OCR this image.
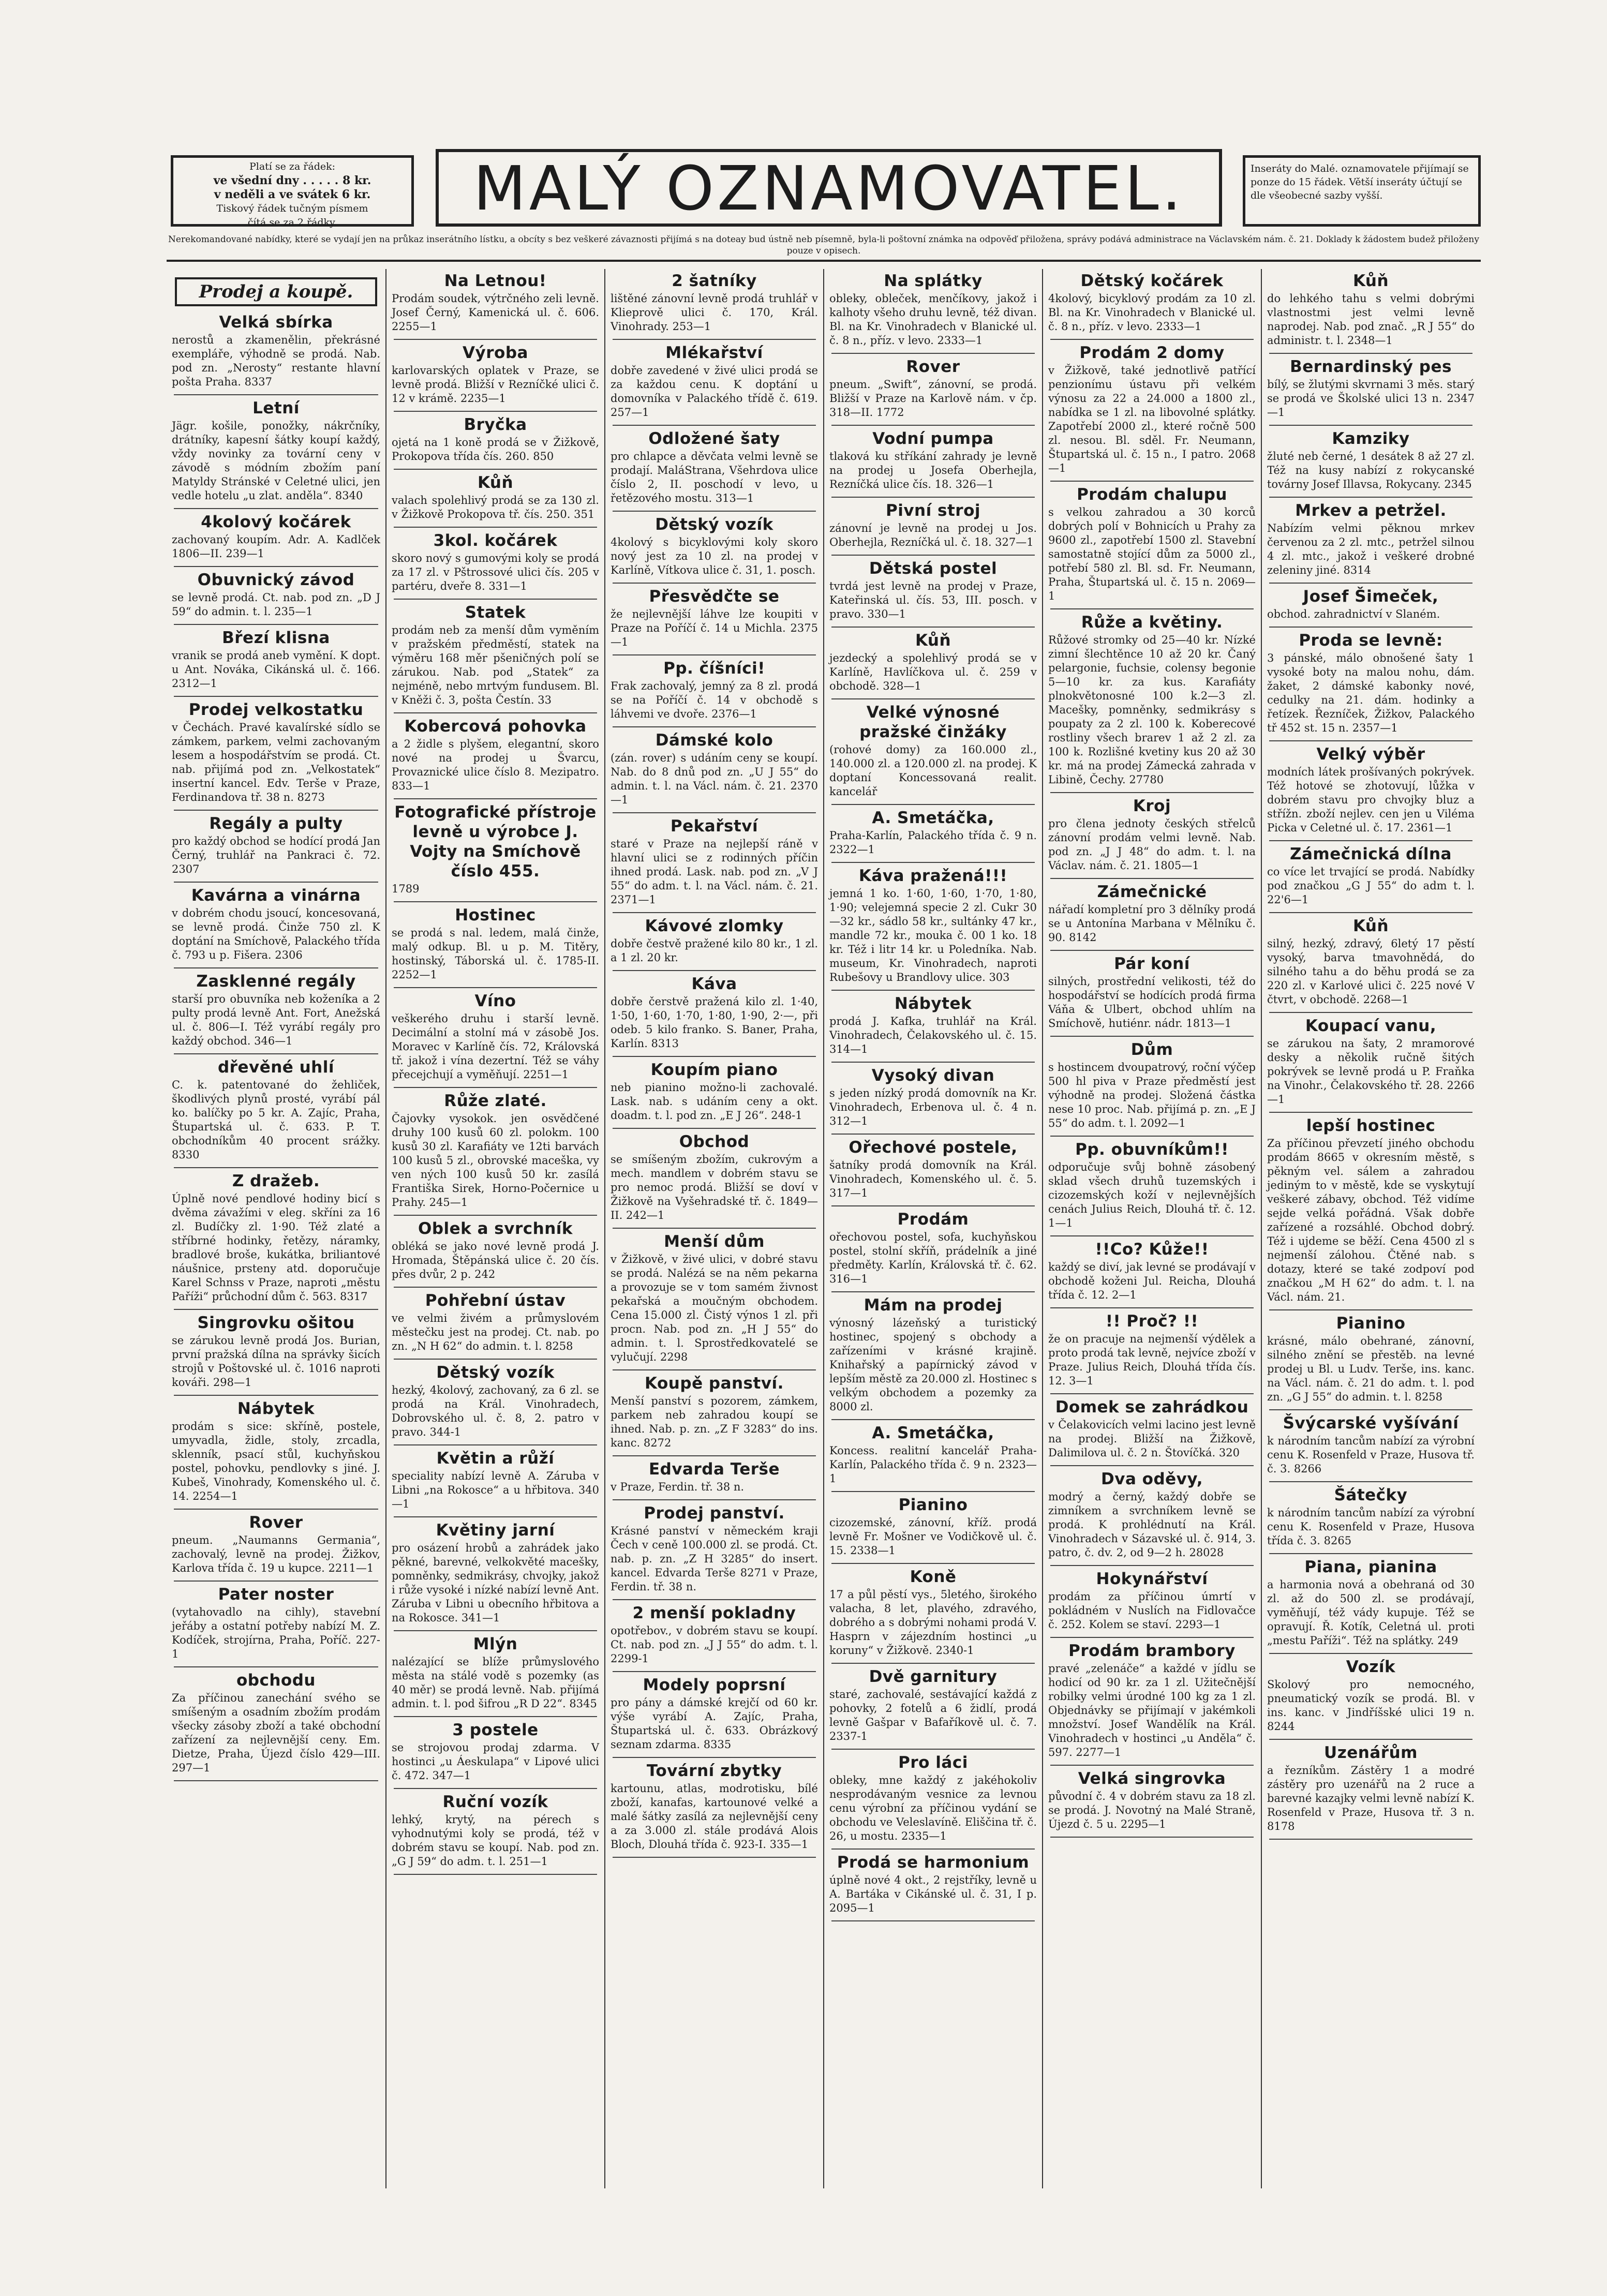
Platí se za řádek:
ve všední dny . . . . . 8 kr.
v neděli a ve svátek 6 kr.
Tiskový řádek tučným písmem
čítá se za 2 řádky.	MALÝ OZNAMOVATEL.	Inseráty do Malé. oznamovatele přijímají se ponze do 15 řádek. Větší inseráty účtují se dle všeobecné sazby vyšší.
Nerekomandované nabídky, které se vydají jen na průkaz inserátního lístku, a obcíty s bez veškeré závaznosti přijímá s na doteay bud ústně neb písemně, byla-li poštovní známka na odpověď přiložena, správy podává administrace na Václavském nám. č. 21. Doklady k žádostem budež přiloženy pouze v opisech.
Prodej a koupě.
Velká sbírka
nerostů a zkamenělin, překrásné exempláře, výhodně se prodá. Nab. pod zn. „Nerosty“ restante hlavní pošta Praha. 8337
Letní
Jägr. košile, ponožky, nákrčníky, drátníky, kapesní šátky koupí každý, vždy novinky za tovární ceny v závodě s módním zbožím paní Matyldy Stránské v Celetné ulici, jen vedle hotelu „u zlat. anděla“. 8340
4kolový kočárek
zachovaný koupím. Adr. A. Kadlček 1806—II. 239—1
Obuvnický závod
se levně prodá. Ct. nab. pod zn. „D J 59“ do admin. t. l. 235—1
Březí klisna
vranik se prodá aneb vymění. K dopt. u Ant. Nováka, Cikánská ul. č. 166. 2312—1
Prodej velkostatku
v Čechách. Pravé kavalírské sídlo se zámkem, parkem, velmi zachovaným lesem a hospodářstvím se prodá. Ct. nab. přijímá pod zn. „Velkostatek“ insertní kancel. Edv. Terše v Praze, Ferdinandova tř. 38 n. 8273
Regály a pulty
pro každý obchod se hodící prodá Jan Černý, truhlář na Pankraci č. 72. 2307
Kavárna a vinárna
v dobrém chodu jsoucí, koncesovaná, se levně prodá. Činže 750 zl. K doptání na Smíchově, Palackého třída č. 793 u p. Fišera. 2306
Zasklenné regály
starší pro obuvníka neb koženíka a 2 pulty prodá levně Ant. Fort, Anežská ul. č. 806—I. Též vyrábí regály pro každý obchod. 346—1
dřevěné uhlí
C. k. patentované do žehliček, škodlivých plynů prosté, vyrábí pál ko. balíčky po 5 kr. A. Zajíc, Praha, Štupartská ul. č. 633. P. T. obchodníkům 40 procent srážky. 8330
Z dražeb.
Úplně nové pendlové hodiny bicí s dvěma závažími v eleg. skříni za 16 zl. Budíčky zl. 1·90. Též zlaté a stříbrné hodinky, řetězy, náramky, bradlové broše, kukátka, briliantové náušnice, prsteny atd. doporučuje Karel Schnss v Praze, naproti „městu Paříži“ průchodní dům č. 563. 8317
Singrovku ošitou
se zárukou levně prodá Jos. Burian, první pražská dílna na správky šicích strojů v Poštovské ul. č. 1016 naproti kováři. 298—1
Nábytek
prodám s sice: skříně, postele, umyvadla, židle, stoly, zrcadla, sklenník, psací stůl, kuchyňskou postel, pohovku, pendlovky s jiné. J. Kubeš, Vinohrady, Komenského ul. č. 14. 2254—1
Rover
pneum. „Naumanns Germania“, zachovalý, levně na prodej. Žižkov, Karlova třída č. 19 u kupce. 2211—1
Pater noster
(vytahovadlo na cihly), stavební jeřáby a ostatní potřeby nabízí M. Z. Kodíček, strojírna, Praha, Poříč. 227-1
obchodu
Za příčinou zanechání svého se smíšeným a osadním zbožím prodám všecky zásoby zboží a také obchodní zařízení za nejlevnější ceny. Em. Dietze, Praha, Újezd číslo 429—III. 297—1
Na Letnou!
Prodám soudek, výtrčného zeli levně. Josef Černý, Kamenická ul. č. 606. 2255—1
Výroba
karlovarských oplatek v Praze, se levně prodá. Bližší v Rezníčké ulici č. 12 v krámě. 2235—1
Bryčka
ojetá na 1 koně prodá se v Žižkově, Prokopova třída čís. 260. 850
Kůň
valach spolehlivý prodá se za 130 zl. v Žižkově Prokopova tř. čís. 250. 351
3kol. kočárek
skoro nový s gumovými koly se prodá za 17 zl. v Pštrossové ulici čís. 205 v partéru, dveře 8. 331—1
Statek
prodám neb za menší dům vyměním v pražském předměstí, statek na výměru 168 měr pšeničných polí se zárukou. Nab. pod „Statek“ za nejméně, nebo mrtvým fundusem. Bl. v Kněži č. 3, pošta Čestín. 33
Kobercová pohovka
a 2 židle s plyšem, elegantní, skoro nové na prodej u Švarcu, Provaznické ulice číslo 8. Mezipatro. 833—1
Fotografické přístroje levně u výrobce J. Vojty na Smíchově číslo 455.
1789
Hostinec
se prodá s nal. ledem, malá činže, malý odkup. Bl. u p. M. Titěry, hostinský, Táborská ul. č. 1785-II. 2252—1
Víno
veškerého druhu i starší levně. Decimální a stolní má v zásobě Jos. Moravec v Karlíně čís. 72, Královská tř. jakož i vína dezertní. Též se váhy přecejchují a vyměňují. 2251—1
Růže zlaté.
Čajovky vysokok. jen osvědčené druhy 100 kusů 60 zl. polokm. 100 kusů 30 zl. Karafiáty ve 12ti barvách 100 kusů 5 zl., obrovské maceška, vy ven ných 100 kusů 50 kr. zasílá Františka Sirek, Horno-Počernice u Prahy. 245—1
Oblek a svrchník
obléká se jako nové levně prodá J. Hromada, Štěpánská ulice č. 20 čís. přes dvůr, 2 p. 242
Pohřební ústav
ve velmi živém a průmyslovém městečku jest na prodej. Ct. nab. po zn. „N H 62“ do admin. t. l. 8258
Dětský vozík
hezký, 4kolový, zachovaný, za 6 zl. se prodá na Král. Vinohradech, Dobrovského ul. č. 8, 2. patro v pravo. 344-1
Květin a růží
speciality nabízí levně A. Záruba v Libni „na Rokosce“ a u hřbitova. 340—1
Květiny jarní
pro osázení hrobů a zahrádek jako pěkné, barevné, velkokvěté macešky, pomněnky, sedmikrásy, chvojky, jakož i růže vysoké i nízké nabízí levně Ant. Záruba v Libni u obecního hřbitova a na Rokosce. 341—1
Mlýn
nalézající se blíže průmyslového města na stálé vodě s pozemky (as 40 měr) se prodá levně. Nab. přijímá admin. t. l. pod šifrou „R D 22“. 8345
3 postele
se strojovou prodaj zdarma. V hostinci „u Áeskulapa“ v Lipové ulici č. 472. 347—1
Ruční vozík
lehký, krytý, na pérech s vyhodnutými koly se prodá, též v dobrém stavu se koupí. Nab. pod zn. „G J 59“ do adm. t. l. 251—1
2 šatníky
lištěné zánovní levně prodá truhlář v Klieprově ulici č. 170, Král. Vinohrady. 253—1
Mlékařství
dobře zavedené v živé ulici prodá se za každou cenu. K doptání u domovníka v Palackého třídě č. 619. 257—1
Odložené šaty
pro chlapce a děvčata velmi levně se prodají. MaláStrana, Všehrdova ulice číslo 2, II. poschodí v levo, u řetězového mostu. 313—1
Dětský vozík
4kolový s bicyklovými koly skoro nový jest za 10 zl. na prodej v Karlíně, Vítkova ulice č. 31, 1. posch.
Přesvědčte se
že nejlevnější láhve lze koupiti v Praze na Poříčí č. 14 u Michla. 2375—1
Pp. číšníci!
Frak zachovalý, jemný za 8 zl. prodá se na Poříčí č. 14 v obchodě s láhvemi ve dvoře. 2376—1
Dámské kolo
(zán. rover) s udáním ceny se koupí. Nab. do 8 dnů pod zn. „U J 55“ do admin. t. l. na Václ. nám. č. 21. 2370—1
Pekařství
staré v Praze na nejlepší ráně v hlavní ulici se z rodinných příčin ihned prodá. Lask. nab. pod zn. „V J 55“ do adm. t. l. na Václ. nám. č. 21. 2371—1
Kávové zlomky
dobře čestvě pražené kilo 80 kr., 1 zl. a 1 zl. 20 kr.
Káva
dobře čerstvě pražená kilo zl. 1·40, 1·50, 1·60, 1·70, 1·80, 1·90, 2·—, při odeb. 5 kilo franko. S. Baner, Praha, Karlín. 8313
Koupím piano
neb pianino možno-li zachovalé. Lask. nab. s udáním ceny a okt. doadm. t. l. pod zn. „E J 26“. 248-1
Obchod
se smíšeným zbožím, cukrovým a mech. mandlem v dobrém stavu se pro nemoc prodá. Bližší se doví v Žižkově na Vyšehradské tř. č. 1849—II. 242—1
Menší dům
v Žižkově, v živé ulici, v dobré stavu se prodá. Nalézá se na něm pekarna a provozuje se v tom samém živnost pekařská a moučným obchodem. Cena 15.000 zl. Čistý výnos 1 zl. při procn. Nab. pod zn. „H J 55“ do admin. t. l. Sprostředkovatelé se vylučují. 2298
Koupě panství.
Menší panství s pozorem, zámkem, parkem neb zahradou koupí se ihned. Nab. p. zn. „Z F 3283“ do ins. kanc. 8272
Edvarda Terše
v Praze, Ferdin. tř. 38 n.
Prodej panství.
Krásné panství v německém kraji Čech v ceně 100.000 zl. se prodá. Ct. nab. p. zn. „Z H 3285“ do insert. kancel. Edvarda Terše 8271 v Praze, Ferdin. tř. 38 n.
2 menší pokladny
opotřebov., v dobrém stavu se koupí. Ct. nab. pod zn. „J J 55“ do adm. t. l. 2299-1
Modely poprsní
pro pány a dámské krejčí od 60 kr. výše vyrábí A. Zajíc, Praha, Štupartská ul. č. 633. Obrázkový seznam zdarma. 8335
Tovární zbytky
kartounu, atlas, modrotisku, bílé zboží, kanafas, kartounové velké a malé šátky zasílá za nejlevnější ceny a za 3.000 zl. stále prodává Alois Bloch, Dlouhá třída č. 923-I. 335—1
Na splátky
obleky, obleček, menčíkovy, jakož i kalhoty všeho druhu levně, též divan. Bl. na Kr. Vinohradech v Blanické ul. č. 8 n., příz. v levo. 2333—1
Rover
pneum. „Swift“, zánovní, se prodá. Bližší v Praze na Karlově nám. v čp. 318—II. 1772
Vodní pumpa
tlaková ku stříkání zahrady je levně na prodej u Josefa Oberhejla, Rezníčká ulice čís. 18. 326—1
Pivní stroj
zánovní je levně na prodej u Jos. Oberhejla, Rezníčká ul. č. 18. 327—1
Dětská postel
tvrdá jest levně na prodej v Praze, Kateřinská ul. čís. 53, III. posch. v pravo. 330—1
Kůň
jezdecký a spolehlivý prodá se v Karlíně, Havlíčkova ul. č. 259 v obchodě. 328—1
Velké výnosné pražské činžáky
(rohové domy) za 160.000 zl., 140.000 zl. a 120.000 zl. na prodej. K doptaní Koncessovaná realit. kancelář
A. Smetáčka,
Praha-Karlín, Palackého třída č. 9 n. 2322—1
Káva pražená!!!
jemná 1 ko. 1·60, 1·60, 1·70, 1·80, 1·90; velejemná specie 2 zl. Cukr 30—32 kr., sádlo 58 kr., sultánky 47 kr., mandle 72 kr., mouka č. 00 1 ko. 18 kr. Též i litr 14 kr. u Poledníka. Nab. museum, Kr. Vinohradech, naproti Rubešovy u Brandlovy ulice. 303
Nábytek
prodá J. Kafka, truhlář na Král. Vinohradech, Čelakovského ul. č. 15. 314—1
Vysoký divan
s jeden nízký prodá domovník na Kr. Vinohradech, Erbenova ul. č. 4 n. 312—1
Ořechové postele,
šatníky prodá domovník na Král. Vinohradech, Komenského ul. č. 5. 317—1
Prodám
ořechovou postel, sofa, kuchyňskou postel, stolní skříň, prádelník a jiné předměty. Karlín, Královská tř. č. 62. 316—1
Mám na prodej
výnosný lázeňský a turistický hostinec, spojený s obchody a zařízeními v krásné krajině. Knihařský a papírnický závod v lepším městě za 20.000 zl. Hostinec s velkým obchodem a pozemky za 8000 zl.
A. Smetáčka,
Koncess. realitní kancelář Praha-Karlín, Palackého třída č. 9 n. 2323—1
Pianino
cizozemské, zánovní, kříž. prodá levně Fr. Mošner ve Vodičkově ul. č. 15. 2338—1
Koně
17 a půl pěstí vys., 5letého, širokého valacha, 8 let, plavého, zdravého, dobrého a s dobrými nohami prodá V. Hasprn v zájezdním hostinci „u koruny“ v Žižkově. 2340-1
Dvě garnitury
staré, zachovalé, sestávající každá z pohovky, 2 fotelů a 6 židlí, prodá levně Gašpar v Bafaříkově ul. č. 7. 2337-1
Pro láci
obleky, mne každý z jakéhokoliv nesprodávaným vesnice za levnou cenu výrobní za příčinou vydání se obchodu ve Veleslavíně. Eliščina tř. č. 26, u mostu. 2335—1
Prodá se harmonium
úplně nové 4 okt., 2 rejstříky, levně u A. Bartáka v Cikánské ul. č. 31, I p. 2095—1
Dětský kočárek
4kolový, bicyklový prodám za 10 zl. Bl. na Kr. Vinohradech v Blanické ul. č. 8 n., příz. v levo. 2333—1
Prodám 2 domy
v Žižkově, také jednotlivě patřící penzionímu ústavu při velkém výnosu za 22 a 24.000 a 1800 zl., nabídka se 1 zl. na libovolné splátky. Zapotřebí 2000 zl., které ročně 500 zl. nesou. Bl. sděl. Fr. Neumann, Štupartská ul. č. 15 n., I patro. 2068—1
Prodám chalupu
s velkou zahradou a 30 korců dobrých polí v Bohnicích u Prahy za 9600 zl., zapotřebí 1500 zl. Stavební samostatně stojící dům za 5000 zl., potřebí 580 zl. Bl. sd. Fr. Neumann, Praha, Štupartská ul. č. 15 n. 2069—1
Růže a květiny.
Růžové stromky od 25—40 kr. Nízké zimní šlechtěnce 10 až 20 kr. Čaný pelargonie, fuchsie, colensy begonie 5—10 kr. za kus. Karafiáty plnokvětonosné 100 k.2—3 zl. Macešky, pomněnky, sedmikrásy s poupaty za 2 zl. 100 k. Koberecové rostliny všech brarev 1 až 2 zl. za 100 k. Rozlišné kvetiny kus 20 až 30 kr. má na prodej Zámecká zahrada v Libině, Čechy. 27780
Kroj
pro člena jednoty českých střelců zánovní prodám velmi levně. Nab. pod zn. „J J 48“ do adm. t. l. na Václav. nám. č. 21. 1805—1
Zámečnické
nářadí kompletní pro 3 dělníky prodá se u Antonína Marbana v Mělníku č. 90. 8142
Pár koní
silných, prostřední velikosti, též do hospodářství se hodících prodá firma Váňa & Ulbert, obchod uhlím na Smíchově, hutiénr. nádr. 1813—1
Dům
s hostincem dvoupatrový, roční výčep 500 hl piva v Praze předměstí jest výhodně na prodej. Složená částka nese 10 proc. Nab. přijímá p. zn. „E J 55“ do adm. t. l. 2092—1
Pp. obuvníkům!!
odporučuje svůj bohně zásobený sklad všech druhů tuzemských i cizozemských koží v nejlevnějších cenách Julius Reich, Dlouhá tř. č. 12. 1—1
!!Co? Kůže!!
každý se diví, jak levné se prodávají v obchodě koženi Jul. Reicha, Dlouhá třída č. 12. 2—1
!! Proč? !!
že on pracuje na nejmenší výdělek a proto prodá tak levně, nejvíce zboží v Praze. Julius Reich, Dlouhá třída čís. 12. 3—1
Domek se zahrádkou
v Čelakovicích velmi lacino jest levně na prodej. Bližší na Žižkově, Dalimilova ul. č. 2 n. Štovíčká. 320
Dva oděvy,
modrý a černý, každý dobře se zimníkem a svrchníkem levně se prodá. K prohlédnutí na Král. Vinohradech v Sázavské ul. č. 914, 3. patro, č. dv. 2, od 9—2 h. 28028
Hokynářství
prodám za příčinou úmrtí v pokládném v Nuslích na Fidlovačce č. 252. Kolem se staví. 2293—1
Prodám brambory
pravé „zelenáče“ a každé v jídlu se hodicí od 90 kr. za 1 zl. Užitečnější robilky velmi úrodné 100 kg za 1 zl. Objednávky se přijímají v jakémkoli množství. Josef Wandělík na Král. Vinohradech v hostinci „u Anděla“ č. 597. 2277—1
Velká singrovka
původní č. 4 v dobrém stavu za 18 zl. se prodá. J. Novotný na Malé Straně, Újezd č. 5 u. 2295—1
Kůň
do lehkého tahu s velmi dobrými vlastnostmi jest velmi levně naprodej. Nab. pod znač. „R J 55“ do administr. t. l. 2348—1
Bernardinský pes
bílý, se žlutými skvrnami 3 měs. starý se prodá ve Školské ulici 13 n. 2347—1
Kamziky
žluté neb černé, 1 desátek 8 až 27 zl. Též na kusy nabízí z rokycanské továrny Josef Illavsa, Rokycany. 2345
Mrkev a petržel.
Nabízím velmi pěknou mrkev červenou za 2 zl. mtc., petržel silnou 4 zl. mtc., jakož i veškeré drobné zeleniny jiné. 8314
Josef Šimeček,
obchod. zahradnictví v Slaném.
Proda se levně:
3 pánské, málo obnošené šaty 1 vysoké boty na malou nohu, dám. žaket, 2 dámské kabonky nové, cedulky na 21. dám. hodinky a řetízek. Řezníček, Žižkov, Palackého tř 452 st. 15 n. 2357—1
Velký výběr
modních látek prošívaných pokrývek. Též hotové se zhotovují, lůžka v dobrém stavu pro chvojky bluz a střížn. zboží nejlev. cen jen u Viléma Picka v Celetné ul. č. 17. 2361—1
Zámečnická dílna
co více let trvající se prodá. Nabídky pod značkou „G J 55“ do adm t. l. 22'6—1
Kůň
silný, hezký, zdravý, 6letý 17 pěstí vysoký, barva tmavohnědá, do silného tahu a do běhu prodá se za 220 zl. v Karlové ulici č. 225 nové V čtvrt, v obchodě. 2268—1
Koupací vanu,
se zárukou na šaty, 2 mramorové desky a několik ručně šitých pokrývek se levně prodá u P. Fraňka na Vinohr., Čelakovského tř. 28. 2266—1
lepší hostinec
Za příčinou převzetí jiného obchodu prodám 8665 v okresním městě, s pěkným vel. sálem a zahradou jediným to v městě, kde se vyskytují veškeré zábavy, obchod. Též vidíme sejde velká pořádná. Však dobře zařízené a rozsáhlé. Obchod dobrý. Též i ujdeme se běží. Cena 4500 zl s nejmenší zálohou. Čtěné nab. s dotazy, které se také zodpoví pod značkou „M H 62“ do adm. t. l. na Václ. nám. 21.
Pianino
krásné, málo obehrané, zánovní, silného znění se přestěb. na levné prodej u Bl. u Ludv. Terše, ins. kanc. na Václ. nám. č. 21 do adm. t. l. pod zn. „G J 55“ do admin. t. l. 8258
Švýcarské vyšívání
k národním tancům nabízí za výrobní cenu K. Rosenfeld v Praze, Husova tř. č. 3. 8266
Šátečky
k národním tancům nabízí za výrobní cenu K. Rosenfeld v Praze, Husova třída č. 3. 8265
Piana, pianina
a harmonia nová a obehraná od 30 zl. až do 500 zl. se prodávají, vyměňují, též vády kupuje. Též se opravují. Ř. Kotík, Celetná ul. proti „mestu Paříži“. Též na splátky. 249
Vozík
Skolový pro nemocného, pneumatický vozík se prodá. Bl. v ins. kanc. v Jindříšské ulici 19 n. 8244
Uzenářům
a řezníkům. Zástěry 1 a modré zástěry pro uzenářů na 2 ruce a barevné kazajky velmi levně nabízí K. Rosenfeld v Praze, Husova tř. 3 n. 8178
